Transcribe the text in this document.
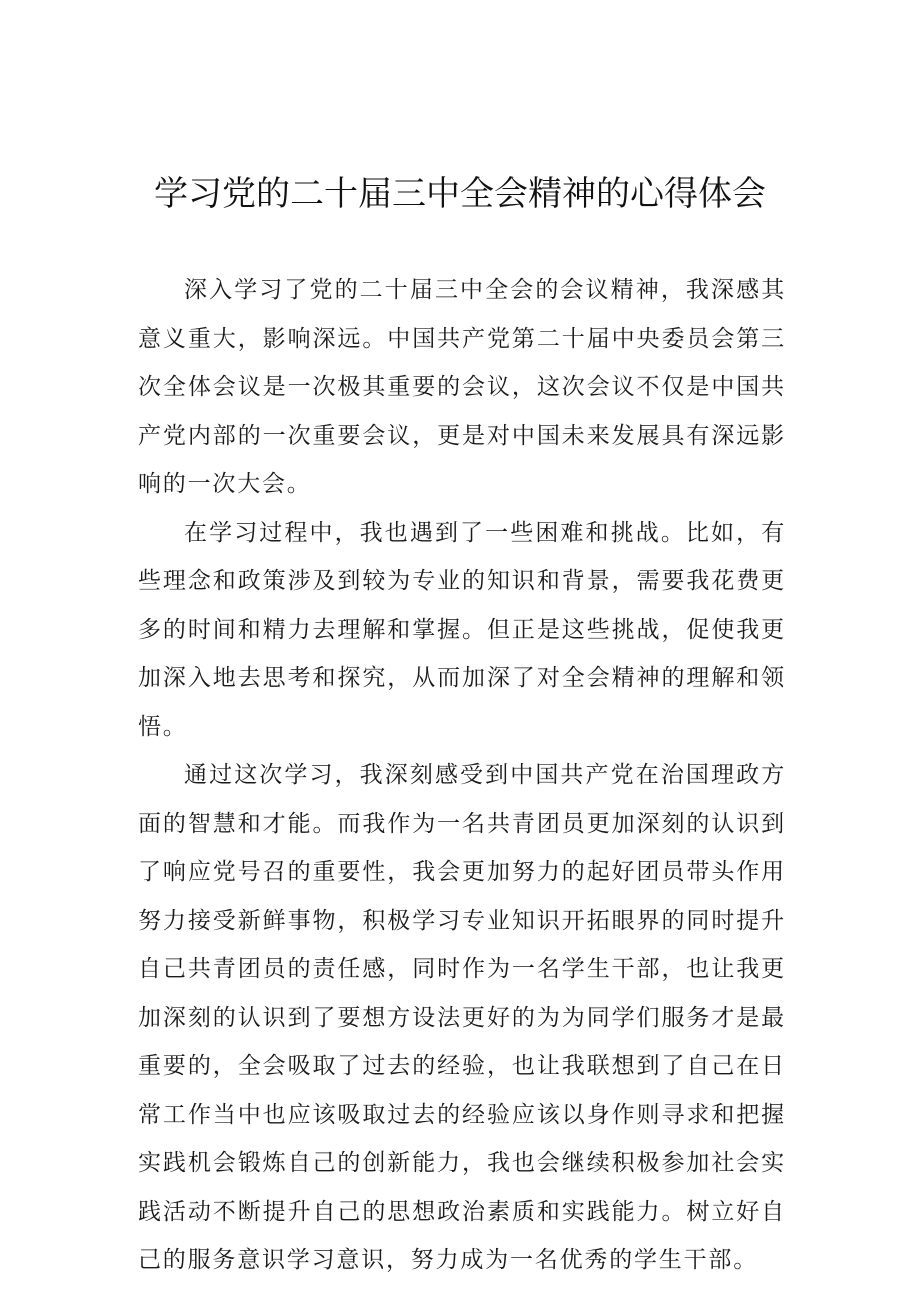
学习党的二十届三中全会精神的心得体会

深入学习了党的二十届三中全会的会议精神，我深感其意义重大，影响深远。中国共产党第二十届中央委员会第三次全体会议是一次极其重要的会议，这次会议不仅是中国共产党内部的一次重要会议，更是对中国未来发展具有深远影响的一次大会。

在学习过程中，我也遇到了一些困难和挑战。比如，有些理念和政策涉及到较为专业的知识和背景，需要我花费更多的时间和精力去理解和掌握。但正是这些挑战，促使我更加深入地去思考和探究，从而加深了对全会精神的理解和领悟。

通过这次学习，我深刻感受到中国共产党在治国理政方面的智慧和才能。而我作为一名共青团员更加深刻的认识到了响应党号召的重要性，我会更加努力的起好团员带头作用努力接受新鲜事物，积极学习专业知识开拓眼界的同时提升自己共青团员的责任感，同时作为一名学生干部，也让我更加深刻的认识到了要想方设法更好的为为同学们服务才是最重要的，全会吸取了过去的经验，也让我联想到了自己在日常工作当中也应该吸取过去的经验应该以身作则寻求和把握实践机会锻炼自己的创新能力，我也会继续积极参加社会实践活动不断提升自己的思想政治素质和实践能力。树立好自己的服务意识学习意识，努力成为一名优秀的学生干部。
